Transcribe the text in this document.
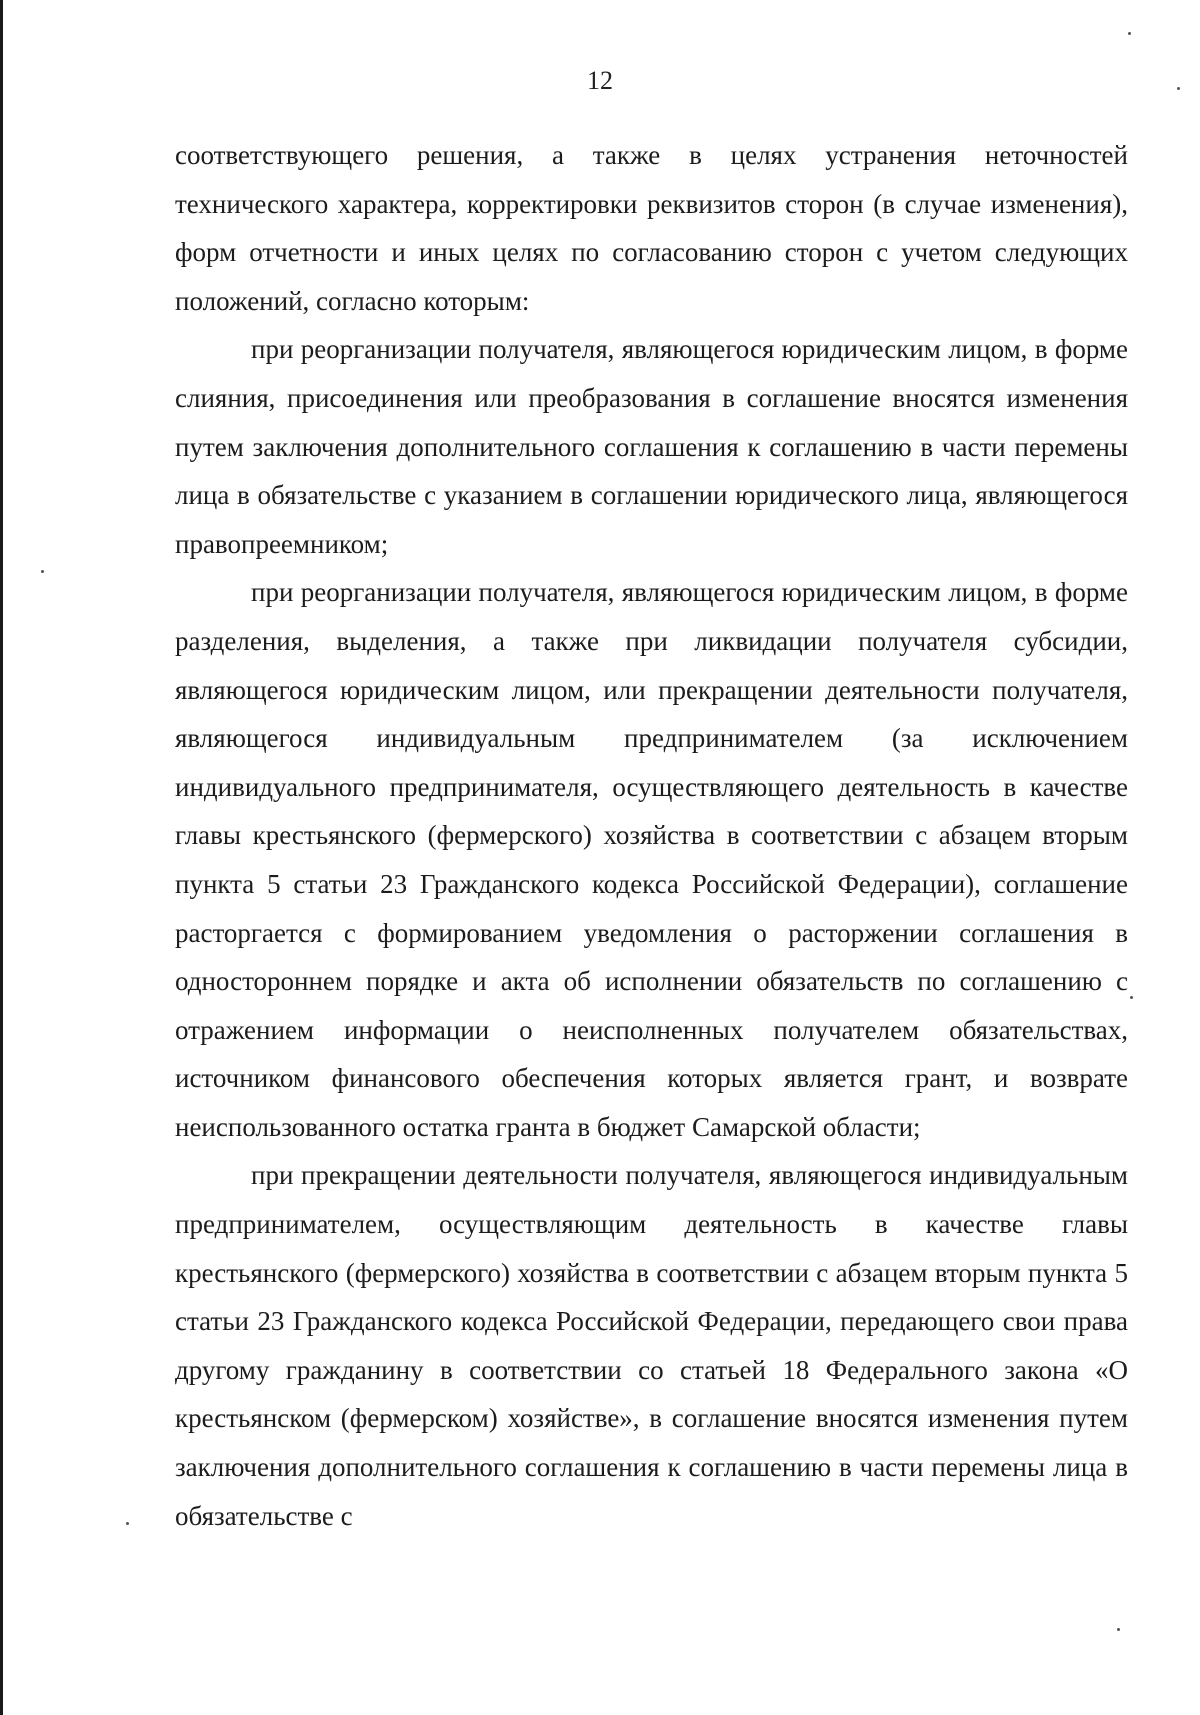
12

соответствующего решения, а также в целях устранения неточностей технического характера, корректировки реквизитов сторон (в случае изменения), форм отчетности и иных целях по согласованию сторон с учетом следующих положений, согласно которым:

при реорганизации получателя, являющегося юридическим лицом, в форме слияния, присоединения или преобразования в соглашение вносятся изменения путем заключения дополнительного соглашения к соглашению в части перемены лица в обязательстве с указанием в соглашении юридического лица, являющегося правопреемником;

при реорганизации получателя, являющегося юридическим лицом, в форме разделения, выделения, а также при ликвидации получателя субсидии, являющегося юридическим лицом, или прекращении деятельности получателя, являющегося индивидуальным предпринимателем (за исключением индивидуального предпринимателя, осуществляющего деятельность в качестве главы крестьянского (фермерского) хозяйства в соответствии с абзацем вторым пункта 5 статьи 23 Гражданского кодекса Российской Федерации), соглашение расторгается с формированием уведомления о расторжении соглашения в одностороннем порядке и акта об исполнении обязательств по соглашению с отражением информации о неисполненных получателем обязательствах, источником финансового обеспечения которых является грант, и возврате неиспользованного остатка гранта в бюджет Самарской области;

при прекращении деятельности получателя, являющегося индивидуальным предпринимателем, осуществляющим деятельность в качестве главы крестьянского (фермерского) хозяйства в соответствии с абзацем вторым пункта 5 статьи 23 Гражданского кодекса Российской Федерации, передающего свои права другому гражданину в соответствии со статьей 18 Федерального закона «О крестьянском (фермерском) хозяйстве», в соглашение вносятся изменения путем заключения дополнительного соглашения к соглашению в части перемены лица в обязательстве с
